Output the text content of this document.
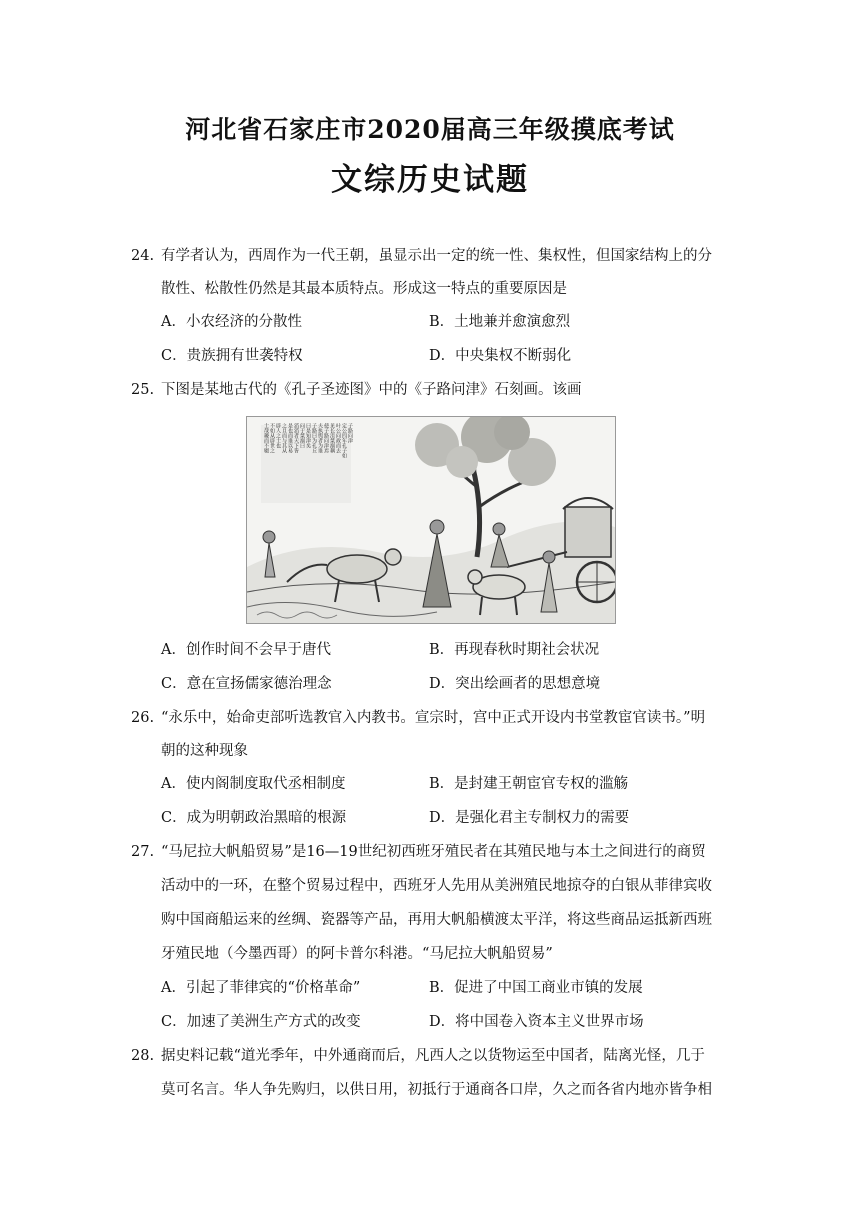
河北省石家庄市2020届高三年级摸底考试
文综历史试题
24. 有学者认为，西周作为一代王朝，虽显示出一定的统一性、集权性，但国家结构上的分
散性、松散性仍然是其最本质特点。形成这一特点的重要原因是
A．小农经济的分散性	B．土地兼并愈演愈烈
C．贵族拥有世袭特权	D．中央集权不断弱化
25. 下图是某地古代的《孔子圣迹图》中的《子路问津》石刻画。该画
子路问津
定公四年孔子如
叶公问政而去
见长沮桀溺耦
使子路问津焉
夫执舆者为谁
子路曰为孔丘
曰是知津矣
问于桀溺曰
滔滔者天下皆
是也而谁以易
之且而与其从
辟人之士也
不如从辟世之
士哉耰而不辍
A．创作时间不会早于唐代	B．再现春秋时期社会状况
C．意在宣扬儒家德治理念	D．突出绘画者的思想意境
26. “永乐中，始命吏部听选教官入内教书。宣宗时，宫中正式开设内书堂教宦官读书。”明
朝的这种现象
A．使内阁制度取代丞相制度	B．是封建王朝宦官专权的滥觞
C．成为明朝政治黑暗的根源	D．是强化君主专制权力的需要
27. “马尼拉大帆船贸易”是16—19世纪初西班牙殖民者在其殖民地与本土之间进行的商贸
活动中的一环，在整个贸易过程中，西班牙人先用从美洲殖民地掠夺的白银从菲律宾收
购中国商船运来的丝绸、瓷器等产品，再用大帆船横渡太平洋，将这些商品运抵新西班
牙殖民地（今墨西哥）的阿卡普尔科港。“马尼拉大帆船贸易”
A．引起了菲律宾的“价格革命”	B．促进了中国工商业市镇的发展
C．加速了美洲生产方式的改变	D．将中国卷入资本主义世界市场
28. 据史料记载“道光季年，中外通商而后，凡西人之以货物运至中国者，陆离光怪，几于
莫可名言。华人争先购归，以供日用，初抵行于通商各口岸，久之而各省内地亦皆争相
